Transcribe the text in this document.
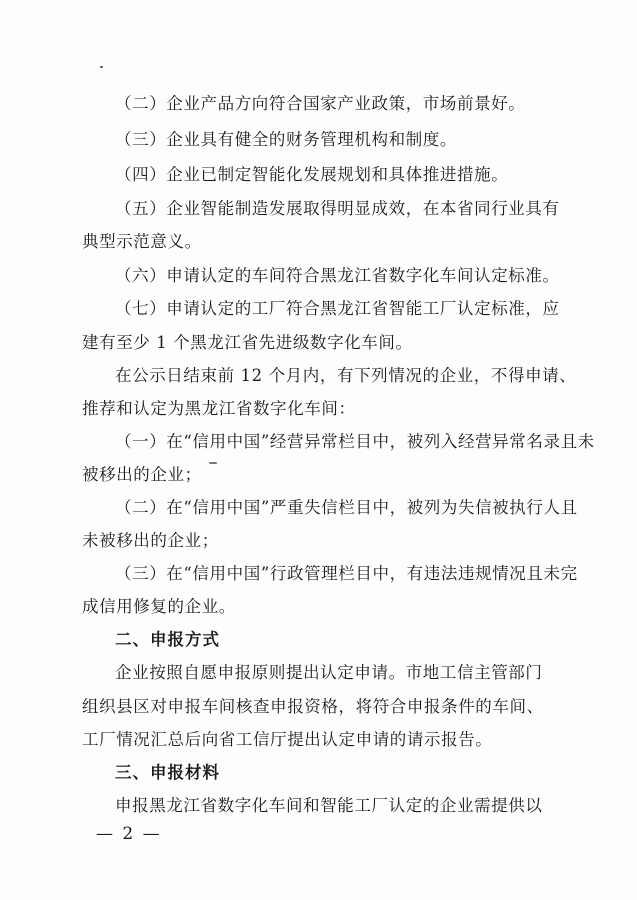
（二）企业产品方向符合国家产业政策，市场前景好。
（三）企业具有健全的财务管理机构和制度。
（四）企业已制定智能化发展规划和具体推进措施。
（五）企业智能制造发展取得明显成效，在本省同行业具有
典型示范意义。
（六）申请认定的车间符合黑龙江省数字化车间认定标准。
（七）申请认定的工厂符合黑龙江省智能工厂认定标准，应
建有至少 1 个黑龙江省先进级数字化车间。
在公示日结束前 12 个月内，有下列情况的企业，不得申请、
推荐和认定为黑龙江省数字化车间：
（一）在“信用中国”经营异常栏目中，被列入经营异常名录且未
被移出的企业；
（二）在“信用中国”严重失信栏目中，被列为失信被执行人且
未被移出的企业；
（三）在“信用中国”行政管理栏目中，有违法违规情况且未完
成信用修复的企业。
二、申报方式
企业按照自愿申报原则提出认定申请。市地工信主管部门
组织县区对申报车间核查申报资格，将符合申报条件的车间、
工厂情况汇总后向省工信厅提出认定申请的请示报告。
三、申报材料
申报黑龙江省数字化车间和智能工厂认定的企业需提供以
— 2 —
